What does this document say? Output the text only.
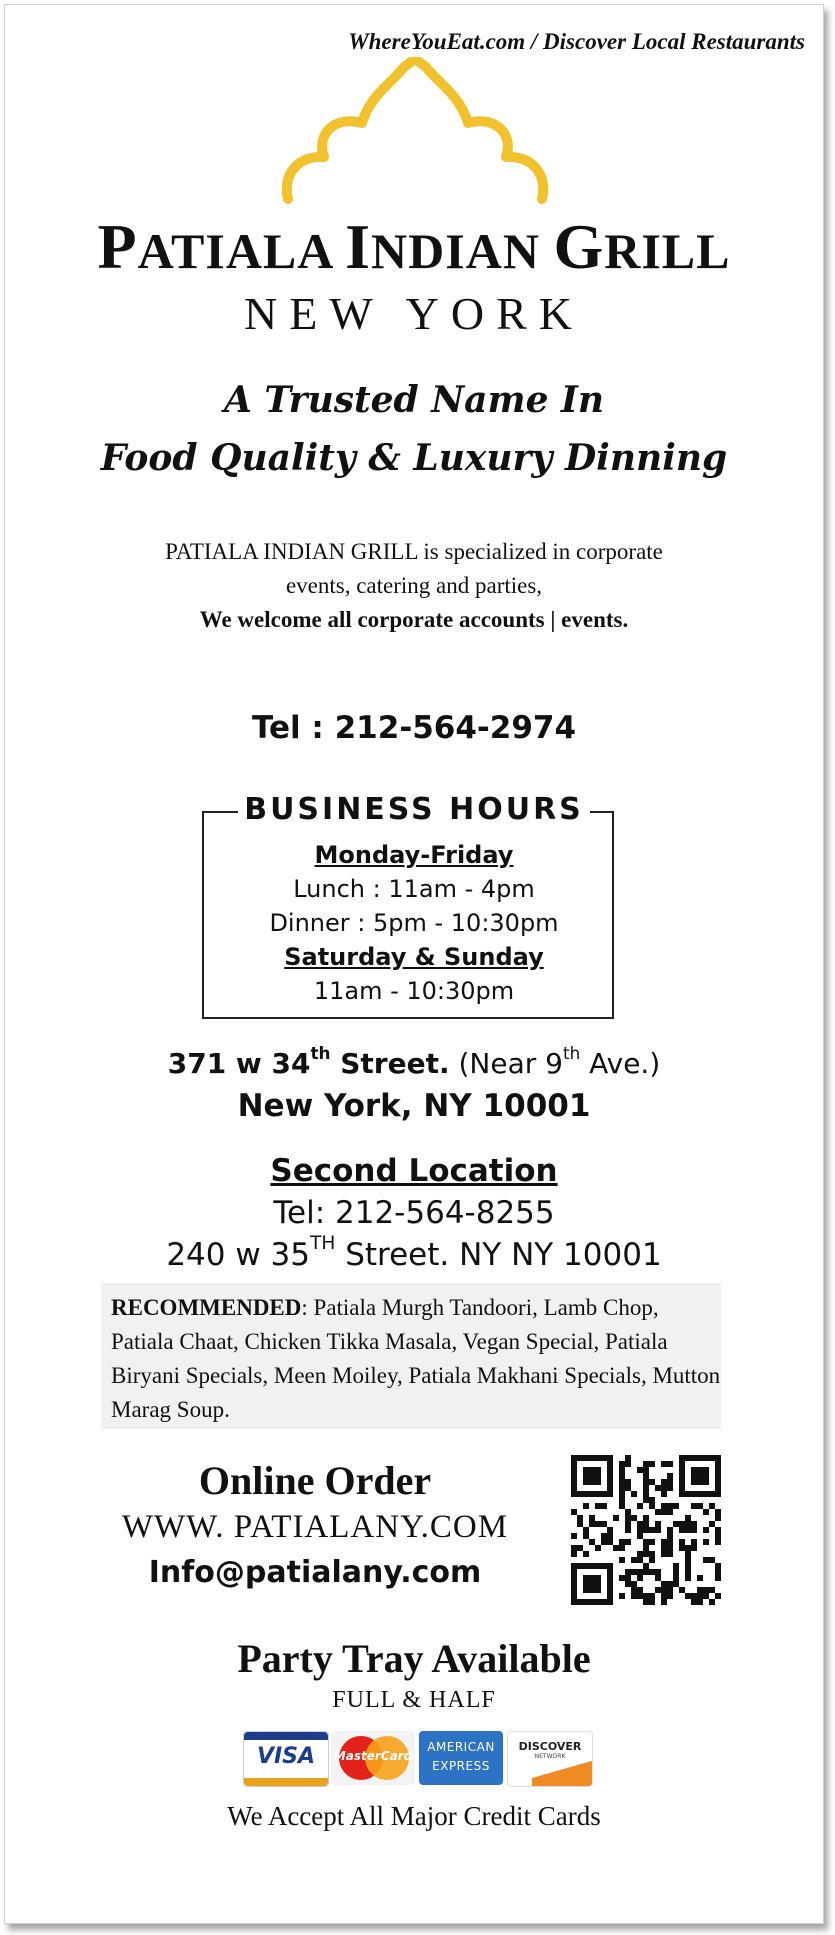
WhereYouEat.com / Discover Local Restaurants
PATIALA INDIAN GRILL
NEW YORK
A Trusted Name In
Food Quality & Luxury Dinning
PATIALA INDIAN GRILL is specialized in corporate
events, catering and parties,
We welcome all corporate accounts | events.
Tel : 212-564-2974
BUSINESS HOURS
Monday-Friday
Lunch : 11am - 4pm
Dinner : 5pm - 10:30pm
Saturday & Sunday
11am - 10:30pm
371 w 34th Street. (Near 9th Ave.)
New York, NY 10001
Second Location
Tel: 212-564-8255
240 w 35TH Street. NY NY 10001
RECOMMENDED: Patiala Murgh Tandoori, Lamb Chop, Patiala Chaat, Chicken Tikka Masala, Vegan Special, Patiala Biryani Specials, Meen Moiley, Patiala Makhani Specials, Mutton Marag Soup.
Online Order
WWW. PATIALANY.COM
Info@patialany.com
Party Tray Available
FULL & HALF
VISA	MasterCard
AMERICAN
EXPRESS
DISCOVER
NETWORK
We Accept All Major Credit Cards
